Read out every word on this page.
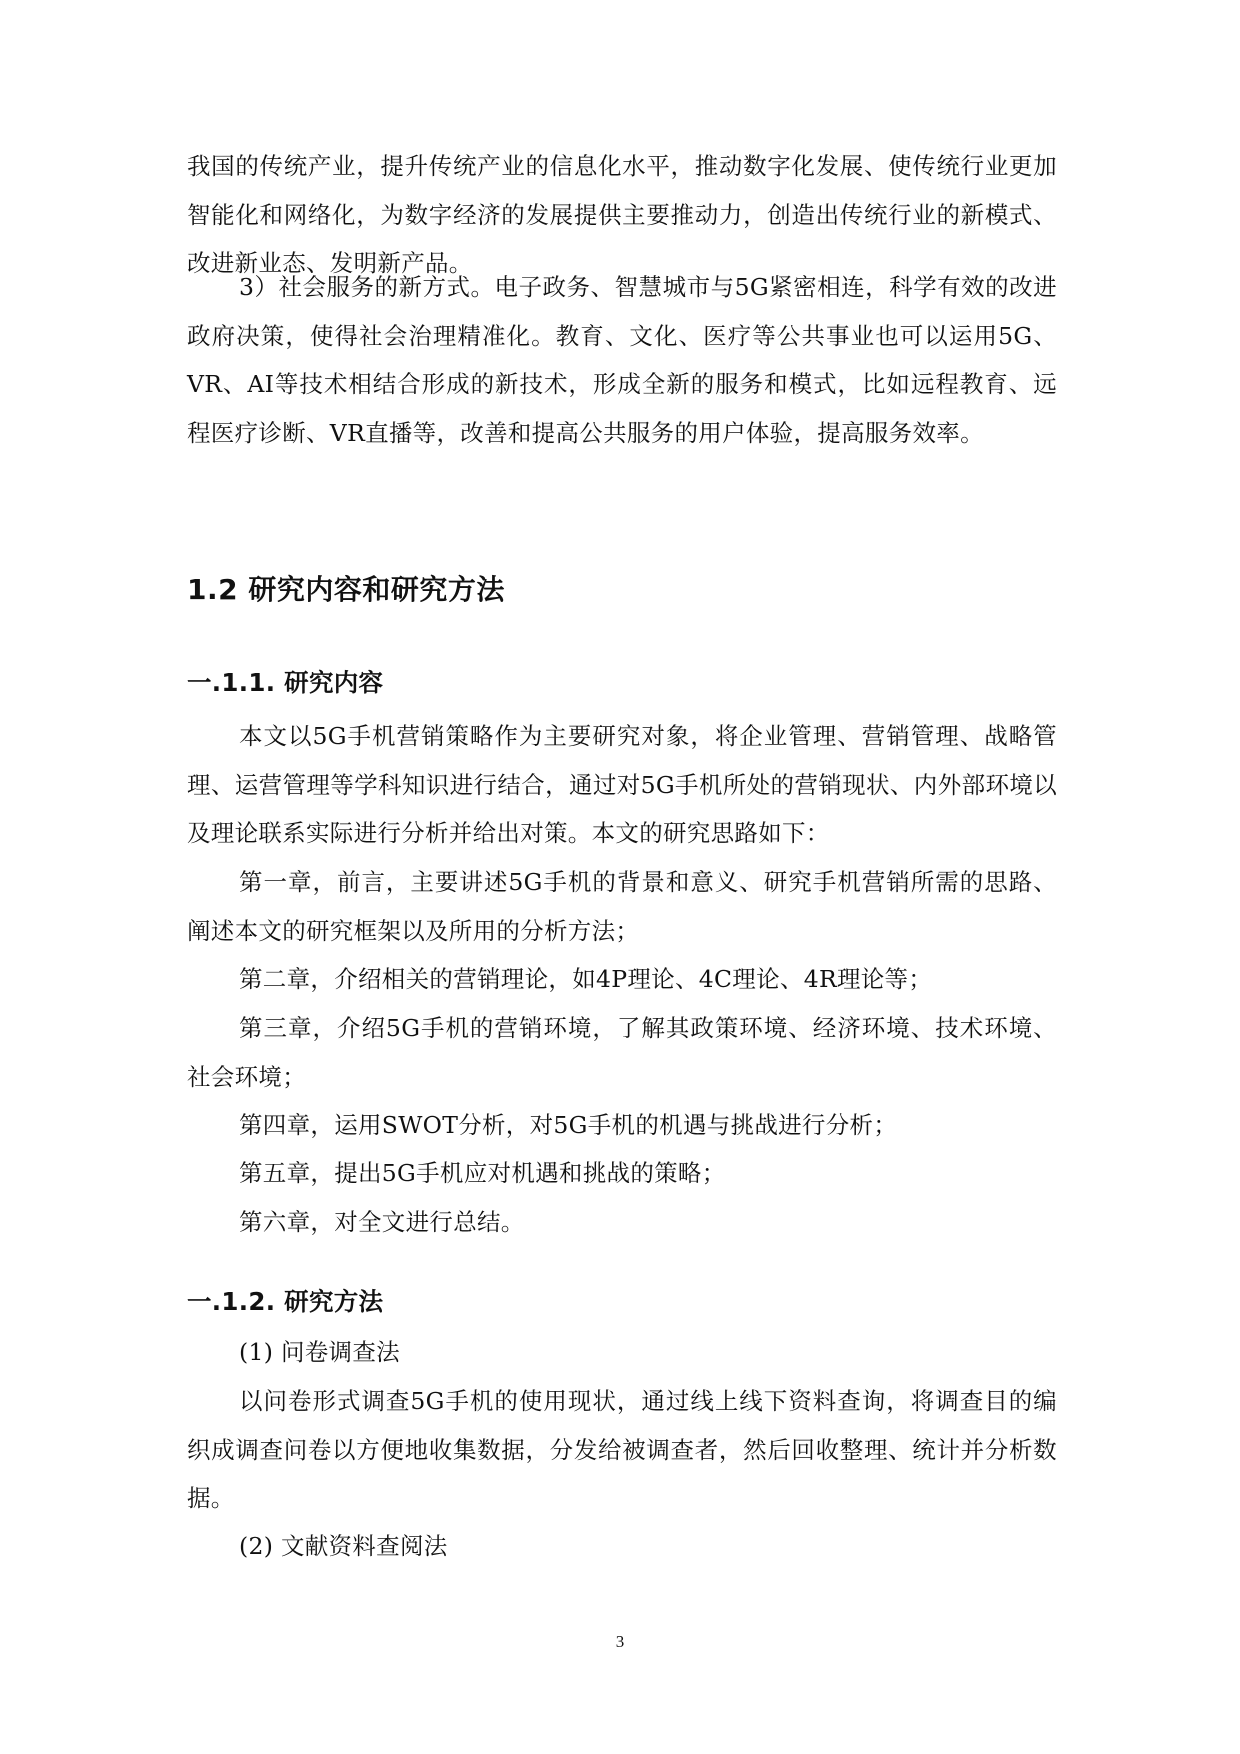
我国的传统产业，提升传统产业的信息化水平，推动数字化发展、使传统行业更加智能化和网络化，为数字经济的发展提供主要推动力，创造出传统行业的新模式、改进新业态、发明新产品。

3）社会服务的新方式。电子政务、智慧城市与5G紧密相连，科学有效的改进政府决策，使得社会治理精准化。教育、文化、医疗等公共事业也可以运用5G、VR、AI等技术相结合形成的新技术，形成全新的服务和模式，比如远程教育、远程医疗诊断、VR直播等，改善和提高公共服务的用户体验，提高服务效率。

1.2 研究内容和研究方法
一.1.1. 研究内容

本文以5G手机营销策略作为主要研究对象，将企业管理、营销管理、战略管理、运营管理等学科知识进行结合，通过对5G手机所处的营销现状、内外部环境以及理论联系实际进行分析并给出对策。本文的研究思路如下：

第一章，前言，主要讲述5G手机的背景和意义、研究手机营销所需的思路、阐述本文的研究框架以及所用的分析方法；

第二章，介绍相关的营销理论，如4P理论、4C理论、4R理论等；

第三章，介绍5G手机的营销环境，了解其政策环境、经济环境、技术环境、社会环境；

第四章，运用SWOT分析，对5G手机的机遇与挑战进行分析；

第五章，提出5G手机应对机遇和挑战的策略；

第六章，对全文进行总结。

一.1.2. 研究方法

(1) 问卷调查法

以问卷形式调查5G手机的使用现状，通过线上线下资料查询，将调查目的编织成调查问卷以方便地收集数据，分发给被调查者，然后回收整理、统计并分析数据。

(2) 文献资料查阅法

3
